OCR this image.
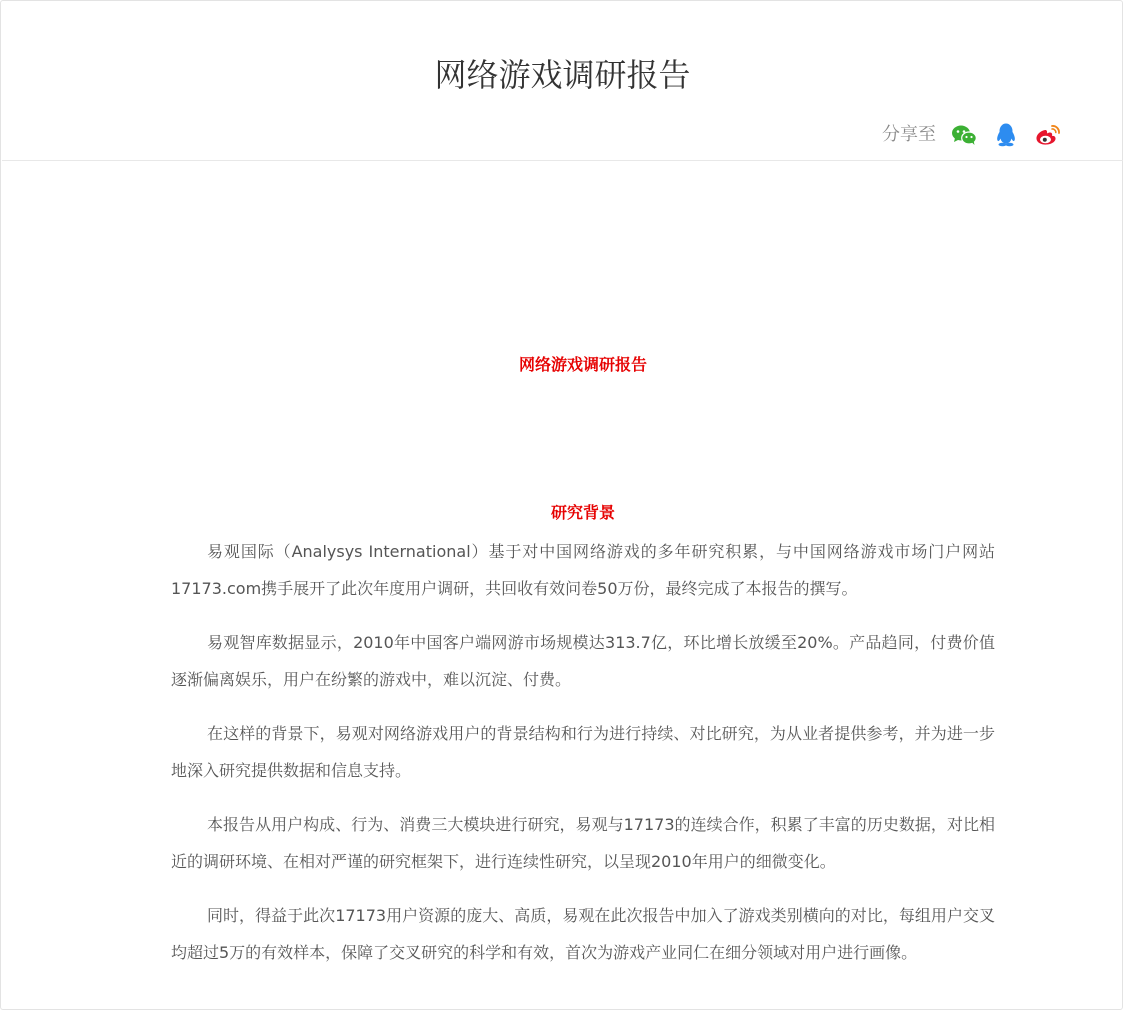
网络游戏调研报告
分享至

网络游戏调研报告

研究背景

易观国际（Analysys International）基于对中国网络游戏的多年研究积累，与中国网络游戏市场门户网站17173.com携手展开了此次年度用户调研，共回收有效问卷50万份，最终完成了本报告的撰写。

易观智库数据显示，2010年中国客户端网游市场规模达313.7亿，环比增长放缓至20%。产品趋同，付费价值逐渐偏离娱乐，用户在纷繁的游戏中，难以沉淀、付费。

在这样的背景下，易观对网络游戏用户的背景结构和行为进行持续、对比研究，为从业者提供参考，并为进一步地深入研究提供数据和信息支持。

本报告从用户构成、行为、消费三大模块进行研究，易观与17173的连续合作，积累了丰富的历史数据，对比相近的调研环境、在相对严谨的研究框架下，进行连续性研究，以呈现2010年用户的细微变化。

同时，得益于此次17173用户资源的庞大、高质，易观在此次报告中加入了游戏类别横向的对比，每组用户交叉均超过5万的有效样本，保障了交叉研究的科学和有效，首次为游戏产业同仁在细分领域对用户进行画像。
